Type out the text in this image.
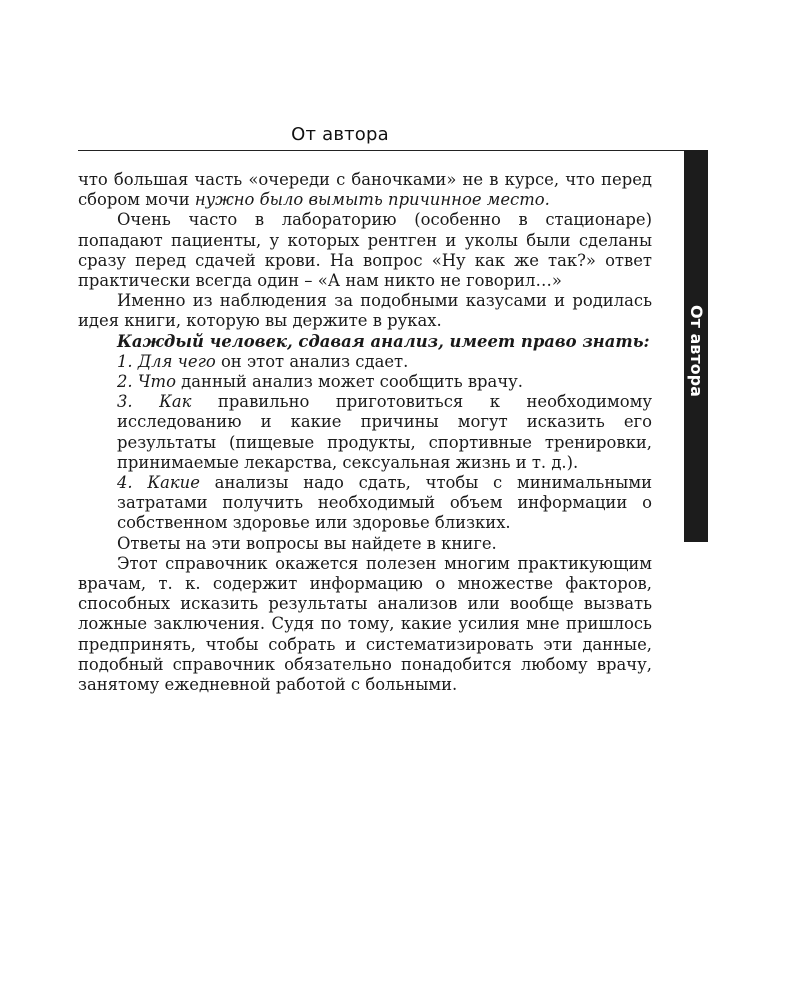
От автора
От автора

что большая часть «очереди с баночками» не в курсе, что перед сбором мочи нужно было вымыть причинное место.

Очень часто в лабораторию (особенно в стационаре) попадают пациенты, у которых рентген и уколы были сделаны сразу перед сдачей крови. На вопрос «Ну как же так?» ответ практически всегда один – «А нам никто не говорил…»

Именно из наблюдения за подобными казусами и родилась идея книги, которую вы держите в руках.

Каждый человек, сдавая анализ, имеет право знать:

1. Для чего он этот анализ сдает.

2. Что данный анализ может сообщить врачу.

3. Как правильно приготовиться к необходимому исследованию и какие причины могут исказить его результаты (пищевые продукты, спортивные тренировки, принимаемые лекарства, сексуальная жизнь и т. д.).

4. Какие анализы надо сдать, чтобы с минимальными затратами получить необходимый объем информации о собственном здоровье или здоровье близких.

Ответы на эти вопросы вы найдете в книге.

Этот справочник окажется полезен многим практикующим врачам, т. к. содержит информацию о множестве факторов, способных исказить результаты анализов или вообще вызвать ложные заключения. Судя по тому, какие усилия мне пришлось предпринять, чтобы собрать и систематизировать эти данные, подобный справочник обязательно понадобится любому врачу, занятому ежедневной работой с больными.
